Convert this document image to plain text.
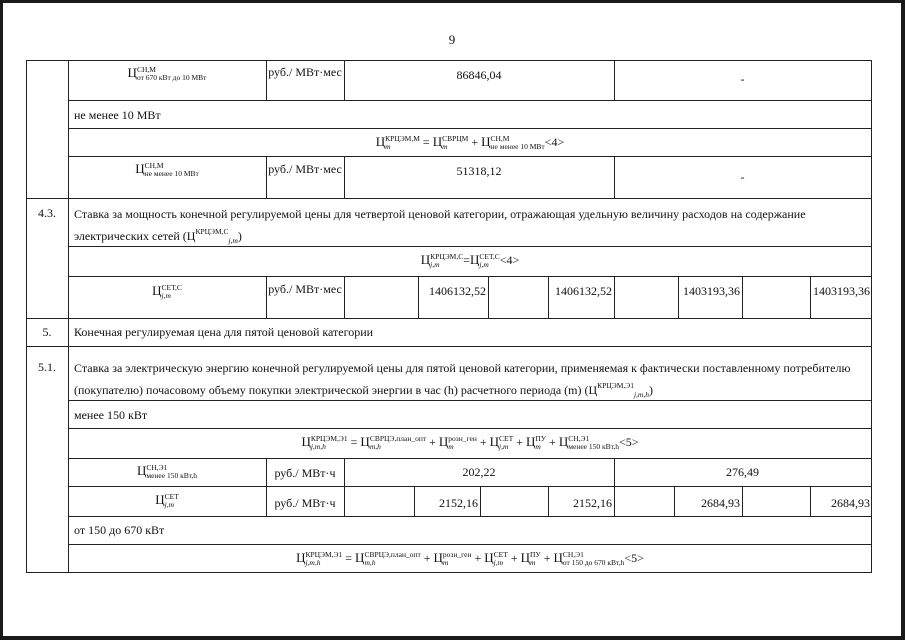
9
Ц СН,М
от 670 кВт до 10 МВт	руб./ МВт·мес	86846,04	-
не менее 10 МВт
Ц КРЦЭМ,М
m	= Ц СВРЦМ
m	+ Ц СН,М
не менее 10 МВт <4>
Ц СН,М
не менее 10 МВт	руб./ МВт·мес	51318,12	-
4.3.	Ставка за мощность конечной регулируемой цены для четвертой ценовой категории, отражающая удельную величину расходов на содержание электрических сетей $(Ц^{КРЦЭМ,С}_{j,m})$
Ц КРЦЭМ,С
j,m	=Ц СЕТ,С
j,m <4>
Ц СЕТ,С
j,m	руб./ МВт·мес	1406132,52	1406132,52	1403193,36	1403193,36
5.	Конечная регулируемая цена для пятой ценовой категории
5.1.	Ставка за электрическую энергию конечной регулируемой цены для пятой ценовой категории, применяемая к фактически поставленному потребителю (покупателю) почасовому объему покупки электрической энергии в час (h) расчетного периода (m) $(Ц^{КРЦЭМ,Э1}_{j,m,h})$
менее 150 кВт
Ц КРЦЭМ,Э1
j,m,h	= Ц СВРЦЭ,план_опт
m,h	+ Ц розн_ген
m	+ Ц СЕТ
j,m + Ц ПУ
m + Ц СН,Э1
менее 150 кВт,h <5>
Ц СН,Э1
менее 150 кВт,h	руб./ МВт·ч	202,22	276,49
Ц СЕТ
j,m	руб./ МВт·ч	2152,16	2152,16	2684,93	2684,93
от 150 до 670 кВт
Ц КРЦЭМ,Э1
j,m,h	= Ц СВРЦЭ,план_опт
m,h	+ Ц розн_ген
m	+ Ц СЕТ
j,m + Ц ПУ
m + Ц СН,Э1
от 150 до 670 кВт,h <5>
